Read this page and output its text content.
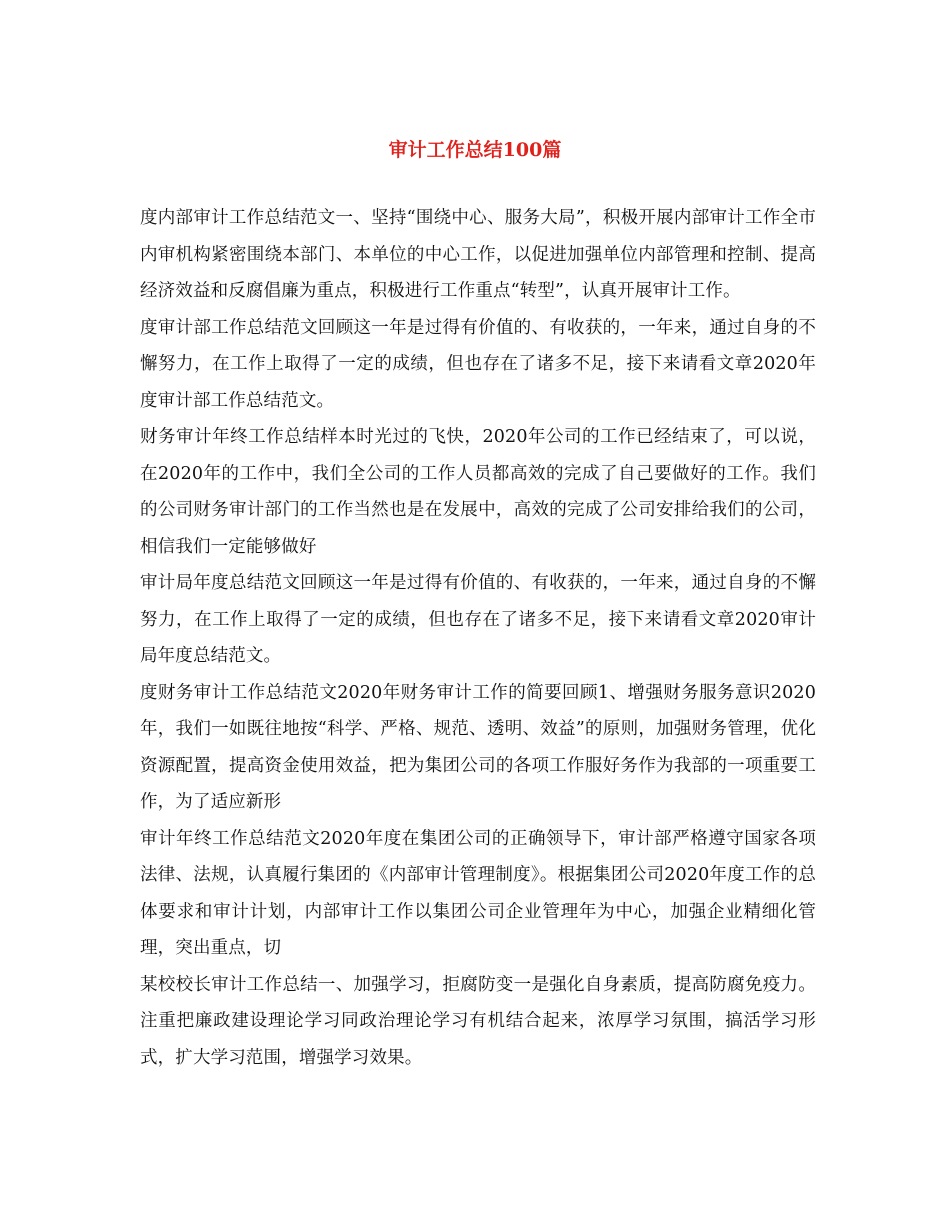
审计工作总结100篇

度内部审计工作总结范文一、坚持“围绕中心、服务大局”，积极开展内部审计工作全市内审机构紧密围绕本部门、本单位的中心工作，以促进加强单位内部管理和控制、提高经济效益和反腐倡廉为重点，积极进行工作重点“转型”，认真开展审计工作。

度审计部工作总结范文回顾这一年是过得有价值的、有收获的，一年来，通过自身的不懈努力，在工作上取得了一定的成绩，但也存在了诸多不足，接下来请看文章2020年度审计部工作总结范文。

财务审计年终工作总结样本时光过的飞快，2020年公司的工作已经结束了，可以说，在2020年的工作中，我们全公司的工作人员都高效的完成了自己要做好的工作。我们的公司财务审计部门的工作当然也是在发展中，高效的完成了公司安排给我们的公司，相信我们一定能够做好

审计局年度总结范文回顾这一年是过得有价值的、有收获的，一年来，通过自身的不懈努力，在工作上取得了一定的成绩，但也存在了诸多不足，接下来请看文章2020审计局年度总结范文。

度财务审计工作总结范文2020年财务审计工作的简要回顾1、增强财务服务意识2020年，我们一如既往地按“科学、严格、规范、透明、效益”的原则，加强财务管理，优化资源配置，提高资金使用效益，把为集团公司的各项工作服好务作为我部的一项重要工作，为了适应新形

审计年终工作总结范文2020年度在集团公司的正确领导下，审计部严格遵守国家各项法律、法规，认真履行集团的《内部审计管理制度》。根据集团公司2020年度工作的总体要求和审计计划，内部审计工作以集团公司企业管理年为中心，加强企业精细化管理，突出重点，切

某校校长审计工作总结一、加强学习，拒腐防变一是强化自身素质，提高防腐免疫力。注重把廉政建设理论学习同政治理论学习有机结合起来，浓厚学习氛围，搞活学习形式，扩大学习范围，增强学习效果。
